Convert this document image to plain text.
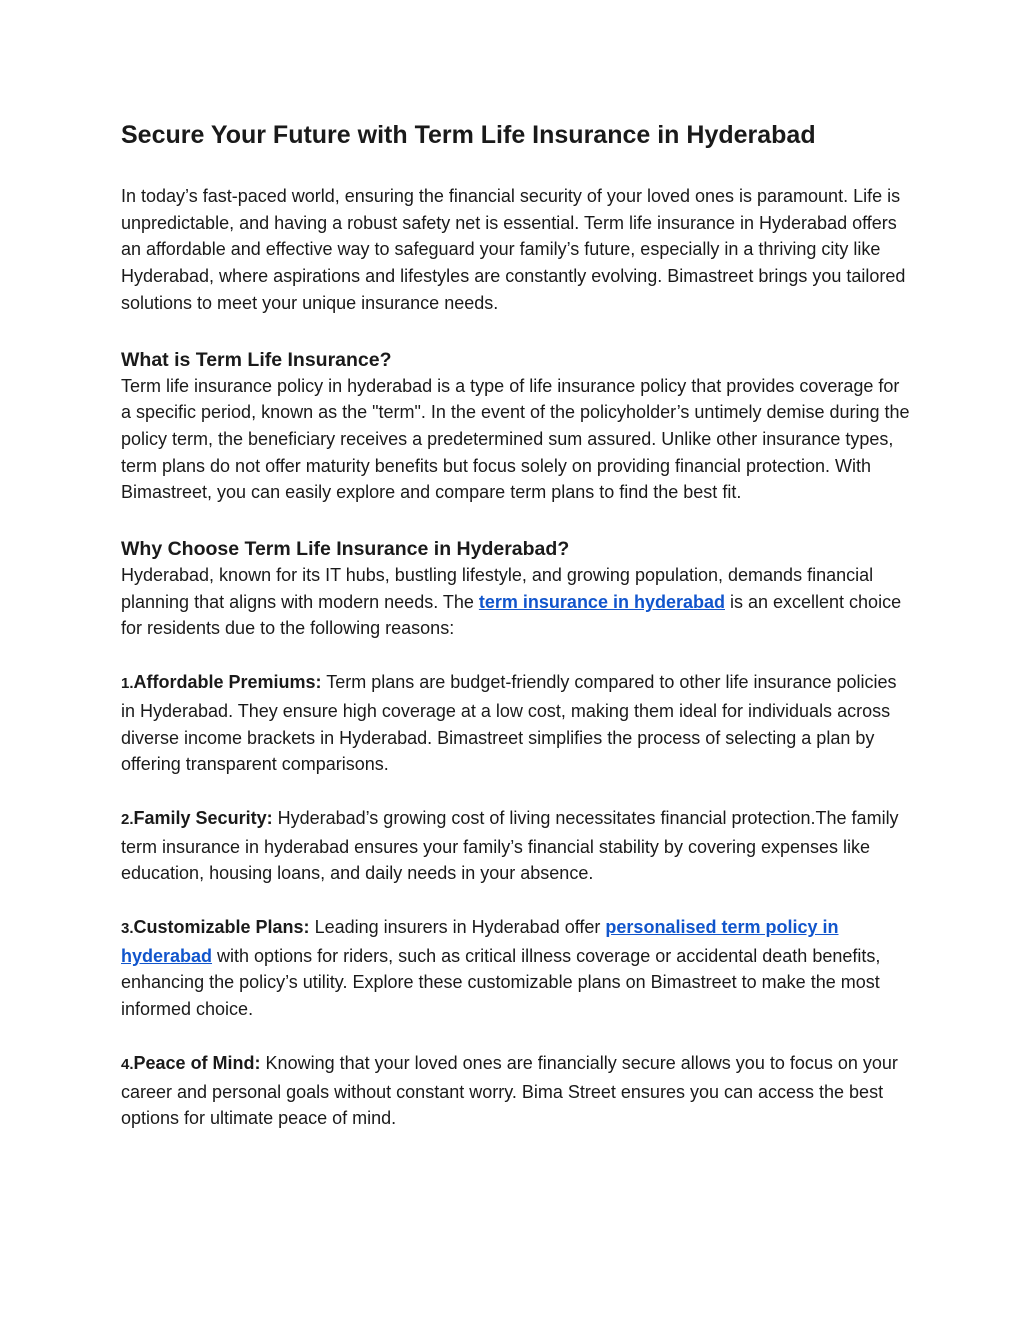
Secure Your Future with Term Life Insurance in Hyderabad

In today’s fast-paced world, ensuring the financial security of your loved ones is paramount. Life is unpredictable, and having a robust safety net is essential. Term life insurance in Hyderabad offers an affordable and effective way to safeguard your family’s future, especially in a thriving city like Hyderabad, where aspirations and lifestyles are constantly evolving. Bimastreet brings you tailored solutions to meet your unique insurance needs.

What is Term Life Insurance?

Term life insurance policy in hyderabad is a type of life insurance policy that provides coverage for a specific period, known as the "term". In the event of the policyholder’s untimely demise during the policy term, the beneficiary receives a predetermined sum assured. Unlike other insurance types, term plans do not offer maturity benefits but focus solely on providing financial protection. With Bimastreet, you can easily explore and compare term plans to find the best fit.

Why Choose Term Life Insurance in Hyderabad?

Hyderabad, known for its IT hubs, bustling lifestyle, and growing population, demands financial planning that aligns with modern needs. The term insurance in hyderabad is an excellent choice for residents due to the following reasons:

1.Affordable Premiums: Term plans are budget-friendly compared to other life insurance policies in Hyderabad. They ensure high coverage at a low cost, making them ideal for individuals across diverse income brackets in Hyderabad. Bimastreet simplifies the process of selecting a plan by offering transparent comparisons.

2.Family Security: Hyderabad’s growing cost of living necessitates financial protection.The family term insurance in hyderabad ensures your family’s financial stability by covering expenses like education, housing loans, and daily needs in your absence.

3.Customizable Plans: Leading insurers in Hyderabad offer personalised term policy in hyderabad with options for riders, such as critical illness coverage or accidental death benefits, enhancing the policy’s utility. Explore these customizable plans on Bimastreet to make the most informed choice.

4.Peace of Mind: Knowing that your loved ones are financially secure allows you to focus on your career and personal goals without constant worry. Bima Street ensures you can access the best options for ultimate peace of mind.
